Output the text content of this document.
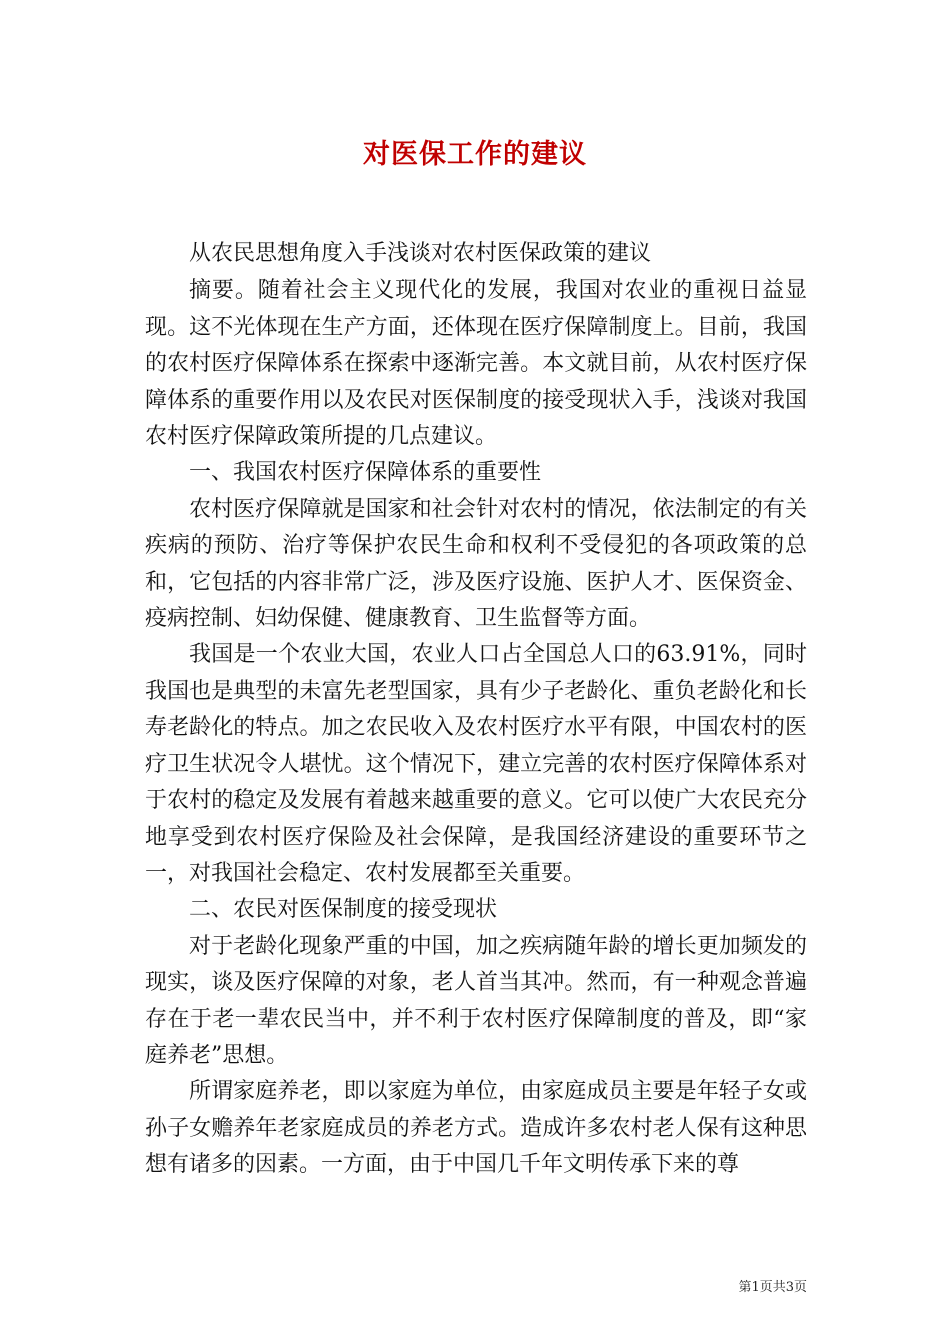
对医保工作的建议

从农民思想角度入手浅谈对农村医保政策的建议

摘要。随着社会主义现代化的发展，我国对农业的重视日益显现。这不光体现在生产方面，还体现在医疗保障制度上。目前，我国的农村医疗保障体系在探索中逐渐完善。本文就目前，从农村医疗保障体系的重要作用以及农民对医保制度的接受现状入手，浅谈对我国农村医疗保障政策所提的几点建议。

一、我国农村医疗保障体系的重要性

农村医疗保障就是国家和社会针对农村的情况，依法制定的有关疾病的预防、治疗等保护农民生命和权利不受侵犯的各项政策的总和，它包括的内容非常广泛，涉及医疗设施、医护人才、医保资金、疫病控制、妇幼保健、健康教育、卫生监督等方面。

我国是一个农业大国，农业人口占全国总人口的63.91%，同时我国也是典型的未富先老型国家，具有少子老龄化、重负老龄化和长寿老龄化的特点。加之农民收入及农村医疗水平有限，中国农村的医疗卫生状况令人堪忧。这个情况下，建立完善的农村医疗保障体系对于农村的稳定及发展有着越来越重要的意义。它可以使广大农民充分地享受到农村医疗保险及社会保障，是我国经济建设的重要环节之一，对我国社会稳定、农村发展都至关重要。

二、农民对医保制度的接受现状

对于老龄化现象严重的中国，加之疾病随年龄的增长更加频发的现实，谈及医疗保障的对象，老人首当其冲。然而，有一种观念普遍存在于老一辈农民当中，并不利于农村医疗保障制度的普及，即“家庭养老”思想。

所谓家庭养老，即以家庭为单位，由家庭成员主要是年轻子女或孙子女赡养年老家庭成员的养老方式。造成许多农村老人保有这种思想有诸多的因素。一方面，由于中国几千年文明传承下来的尊

第1页共3页
